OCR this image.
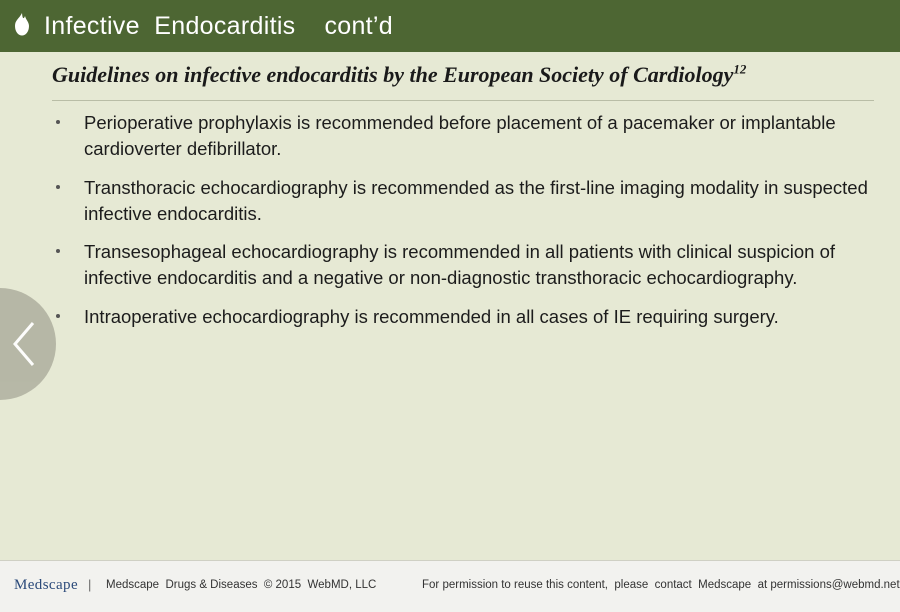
Infective  Endocarditis    cont’d
Guidelines on infective endocarditis by the European Society of Cardiology$^{12}$
Perioperative prophylaxis is recommended before placement of a pacemaker or implantable cardioverter defibrillator.
Transthoracic echocardiography is recommended as the first-line imaging modality in suspected infective endocarditis.
Transesophageal echocardiography is recommended in all patients with clinical suspicion of infective endocarditis and a negative or non-diagnostic transthoracic echocardiography.
Intraoperative echocardiography is recommended in all cases of IE requiring surgery.
Medscape | Medscape  Drugs & Diseases  © 2015  WebMD, LLC	For permission to reuse this content,  please  contact  Medscape  at permissions@webmd.net
